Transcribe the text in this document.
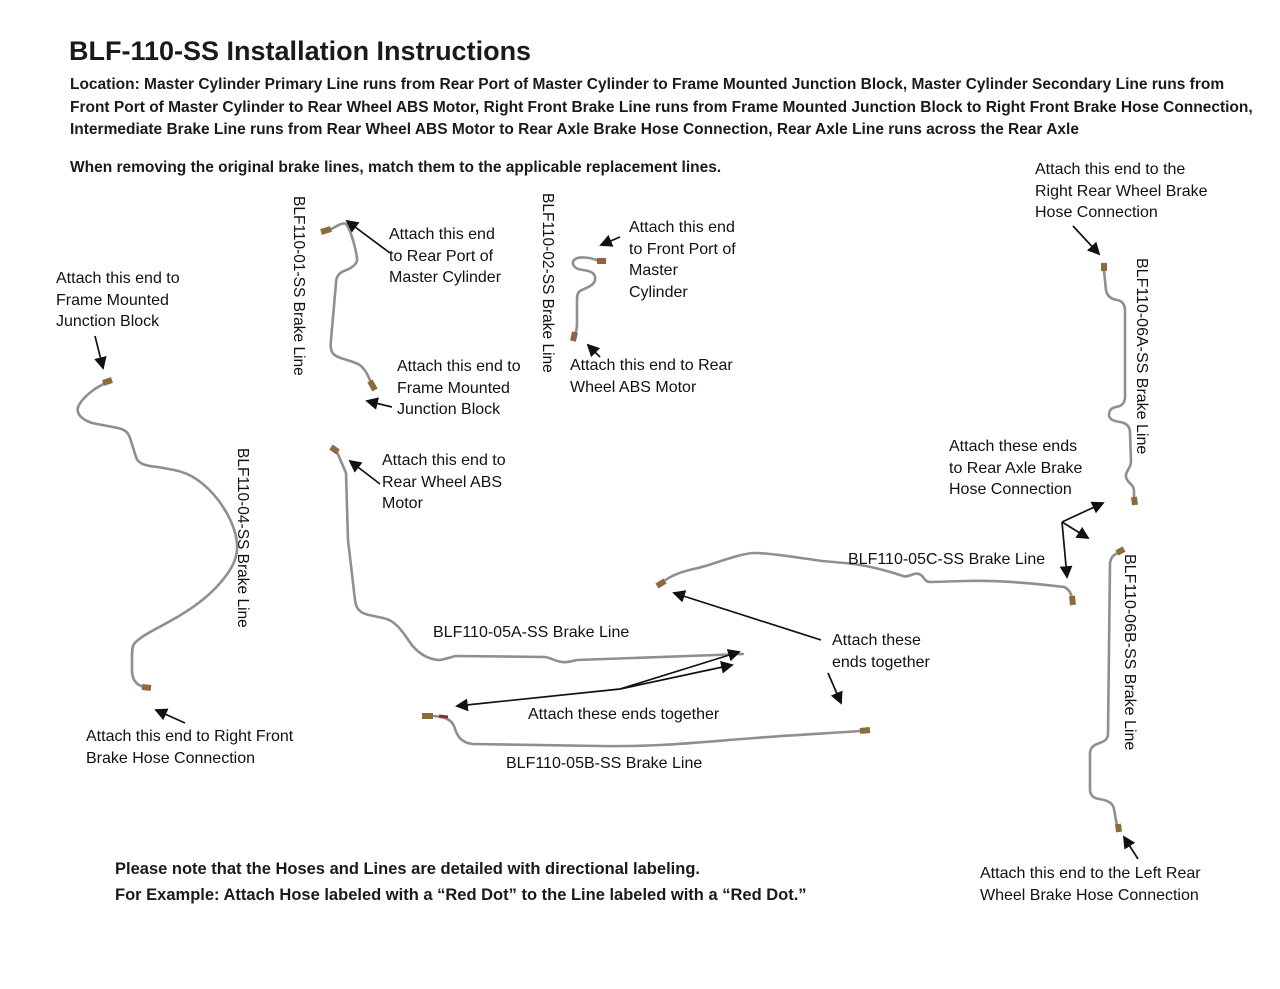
BLF-110-SS Installation Instructions
Location: Master Cylinder Primary Line runs from Rear Port of Master Cylinder to Frame Mounted Junction Block, Master Cylinder Secondary Line runs from Front Port of Master Cylinder to Rear Wheel ABS Motor, Right Front Brake Line runs from Frame Mounted Junction Block to Right Front Brake Hose Connection, Intermediate Brake Line runs from Rear Wheel ABS Motor to Rear Axle Brake Hose Connection, Rear Axle Line runs across the Rear Axle
When removing the original brake lines, match them to the applicable replacement lines.
BLF110-01-SS Brake Line	BLF110-02-SS Brake Line
BLF110-04-SS Brake Line
BLF110-06A-SS Brake Line
BLF110-06B-SS Brake Line
BLF110-05A-SS Brake Line
BLF110-05B-SS Brake Line
BLF110-05C-SS Brake Line
Attach this end to Frame Mounted Junction Block
Attach this end to Rear Port of Master Cylinder
Attach this end to Front Port of Master Cylinder
Attach this end to Frame Mounted Junction Block
Attach this end to Rear Wheel ABS Motor
Attach this end to Rear Wheel ABS Motor
Attach this end to the Right Rear Wheel Brake Hose Connection
Attach these ends to Rear Axle Brake Hose Connection
Attach these ends together
Attach these ends together
Attach this end to Right Front Brake Hose Connection
Attach this end to the Left Rear Wheel Brake Hose Connection
Please note that the Hoses and Lines are detailed with directional labeling.
For Example: Attach Hose labeled with a “Red Dot” to the Line labeled with a “Red Dot.”
